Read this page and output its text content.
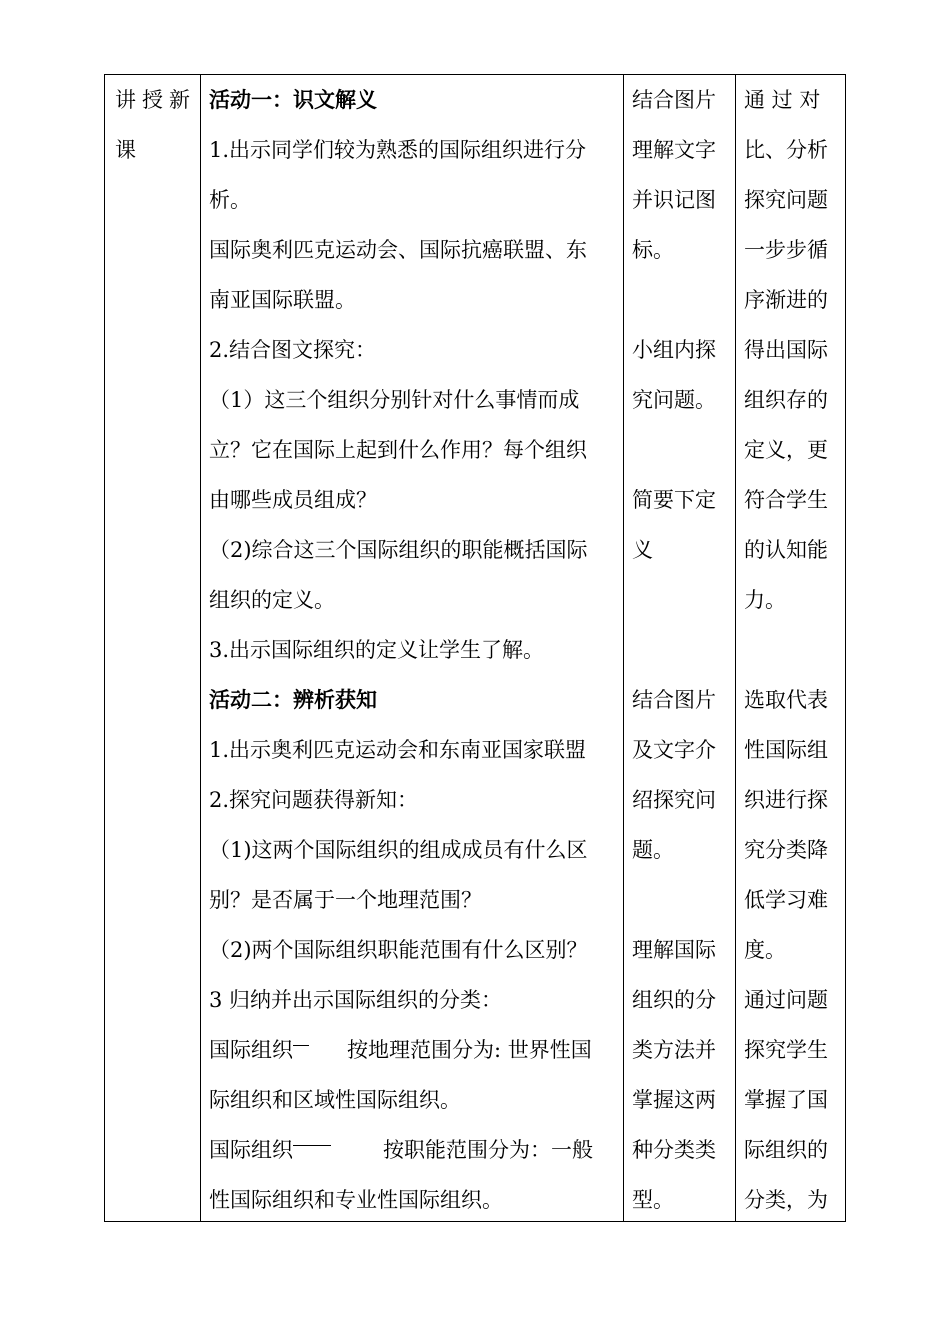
讲授新
课
活动一：识文解义
1.出示同学们较为熟悉的国际组织进行分
析。
国际奥利匹克运动会、国际抗癌联盟、东
南亚国际联盟。
2.结合图文探究：
（1）这三个组织分别针对什么事情而成
立？它在国际上起到什么作用？每个组织
由哪些成员组成？
（2)综合这三个国际组织的职能概括国际
组织的定义。
3.出示国际组织的定义让学生了解。
活动二：辨析获知
1.出示奥利匹克运动会和东南亚国家联盟
2.探究问题获得新知：
（1)这两个国际组织的组成成员有什么区
别？是否属于一个地理范围？
（2)两个国际组织职能范围有什么区别？
3 归纳并出示国际组织的分类：
国际组织	按地理范围分为: 世界性国
际组织和区域性国际组织。
国际组织	按职能范围分为：一般
性国际组织和专业性国际组织。
结合图片
理解文字
并识记图
标。
小组内探
究问题。
简要下定
义
结合图片
及文字介
绍探究问
题。
理解国际
组织的分
类方法并
掌握这两
种分类类
型。
通 过 对
比、分析
探究问题
一步步循
序渐进的
得出国际
组织存的
定义，更
符合学生
的认知能
力。
选取代表
性国际组
织进行探
究分类降
低学习难
度。
通过问题
探究学生
掌握了国
际组织的
分类，为
